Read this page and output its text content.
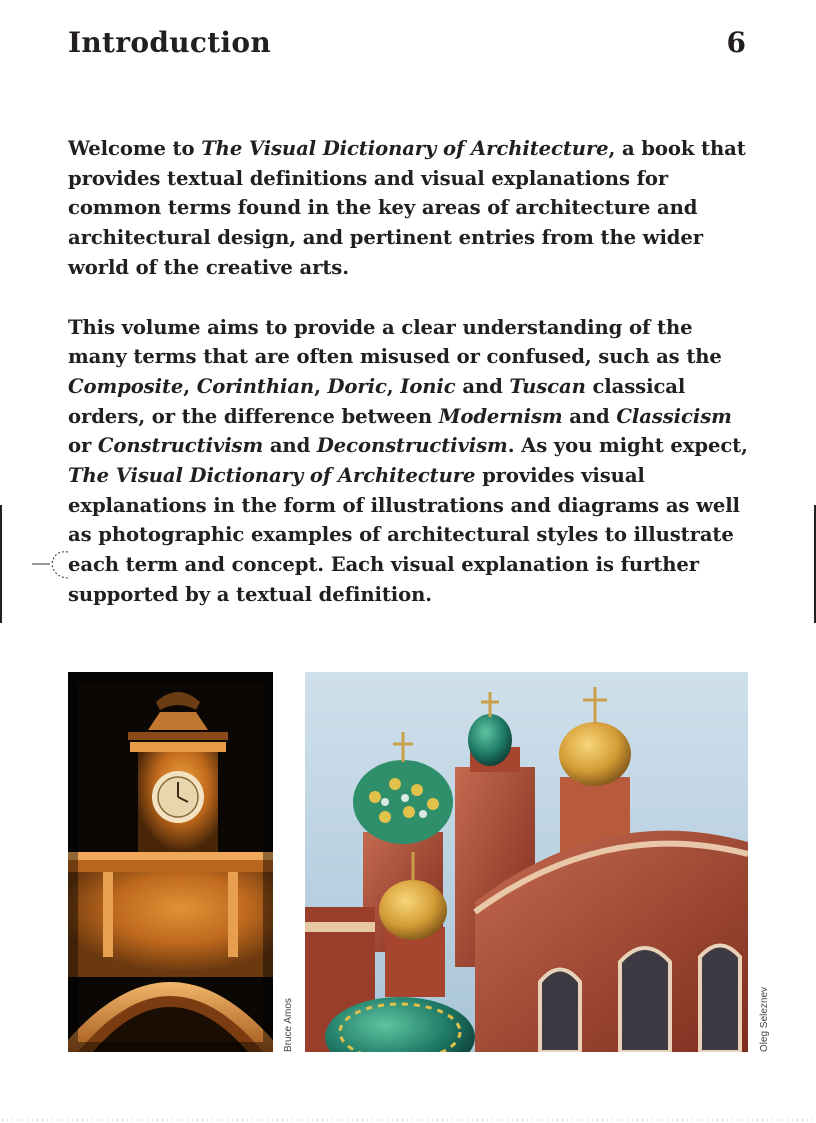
Introduction	6

Welcome to The Visual Dictionary of Architecture, a book that provides textual definitions and visual explanations for common terms found in the key areas of architecture and architectural design, and pertinent entries from the wider world of the creative arts.

This volume aims to provide a clear understanding of the many terms that are often misused or confused, such as the Composite, Corinthian, Doric, Ionic and Tuscan classical orders, or the difference between Modernism and Classicism or Constructivism and Deconstructivism. As you might expect, The Visual Dictionary of Architecture provides visual explanations in the form of illustrations and diagrams as well as photographic examples of architectural styles to illustrate each term and concept. Each visual explanation is further supported by a textual definition.

Bruce Amos	Oleg Seleznev
